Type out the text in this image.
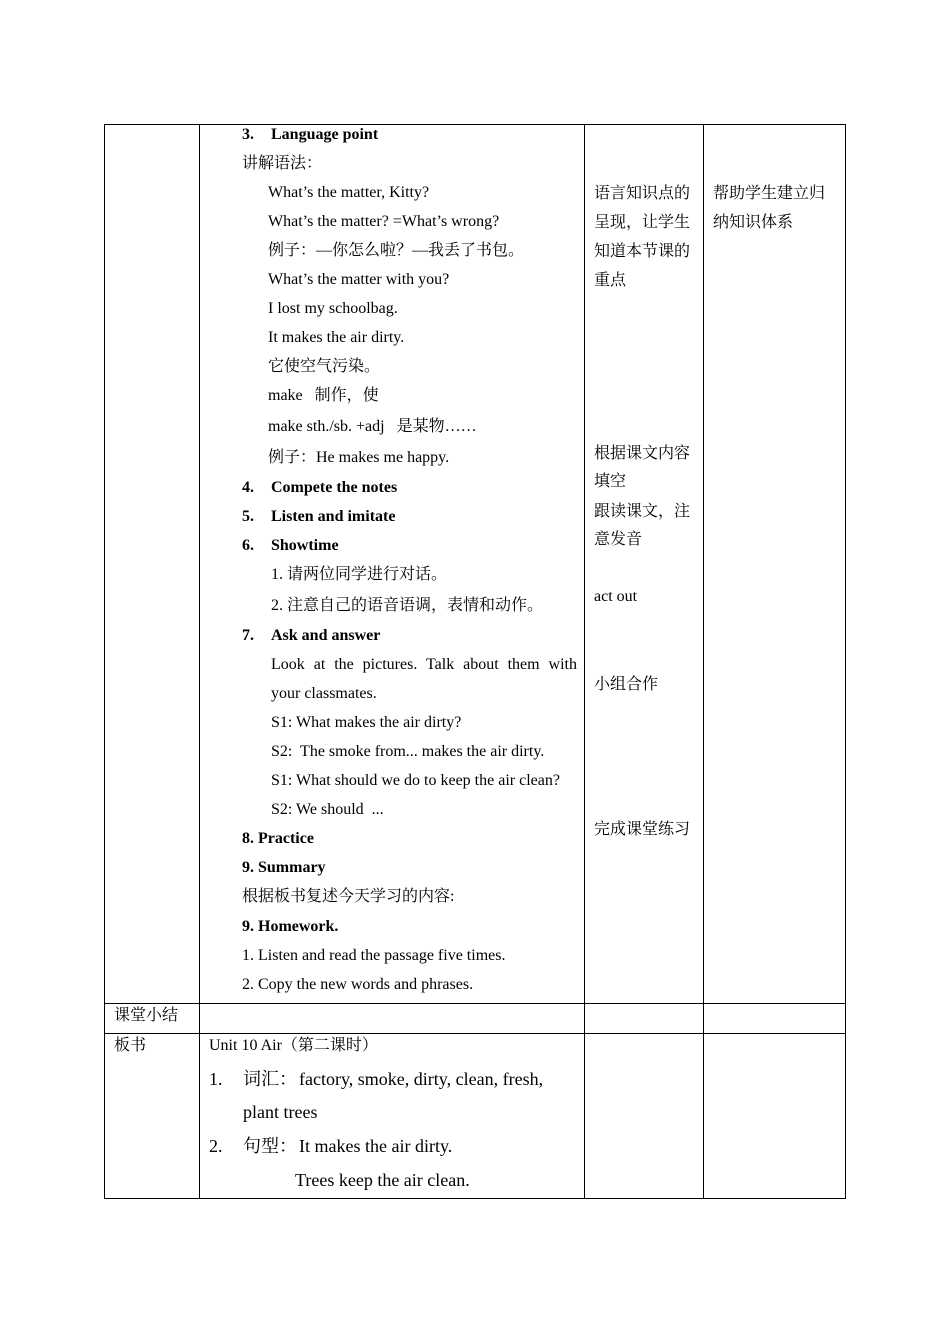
3. Language point
讲解语法：
What’s the matter, Kitty?
What’s the matter? =What’s wrong?
例子：—你怎么啦？—我丢了书包。
What’s the matter with you?
I lost my schoolbag.
It makes the air dirty.
它使空气污染。
make   制作，使
make sth./sb. +adj   是某物……
例子：He makes me happy.
4. Compete the notes
5. Listen and imitate
6. Showtime
1. 请两位同学进行对话。
2. 注意自己的语音语调，表情和动作。
7. Ask and answer
Look at the pictures. Talk about them with
your classmates.
S1: What makes the air dirty?
S2:  The smoke from... makes the air dirty.
S1: What should we do to keep the air clean?
S2: We should  ...
8. Practice
9. Summary
根据板书复述今天学习的内容:
9. Homework.
1. Listen and read the passage five times.
2. Copy the new words and phrases.
语言知识点的
呈现，让学生
知道本节课的
重点
根据课文内容
填空
跟读课文，注
意发音
act out
小组合作
完成课堂练习
帮助学生建立归
纳知识体系
课堂小结
板书	Unit 10 Air（第二课时）
1. 词汇： factory, smoke, dirty, clean, fresh,
plant trees
2. 句型： It makes the air dirty.
Trees keep the air clean.
